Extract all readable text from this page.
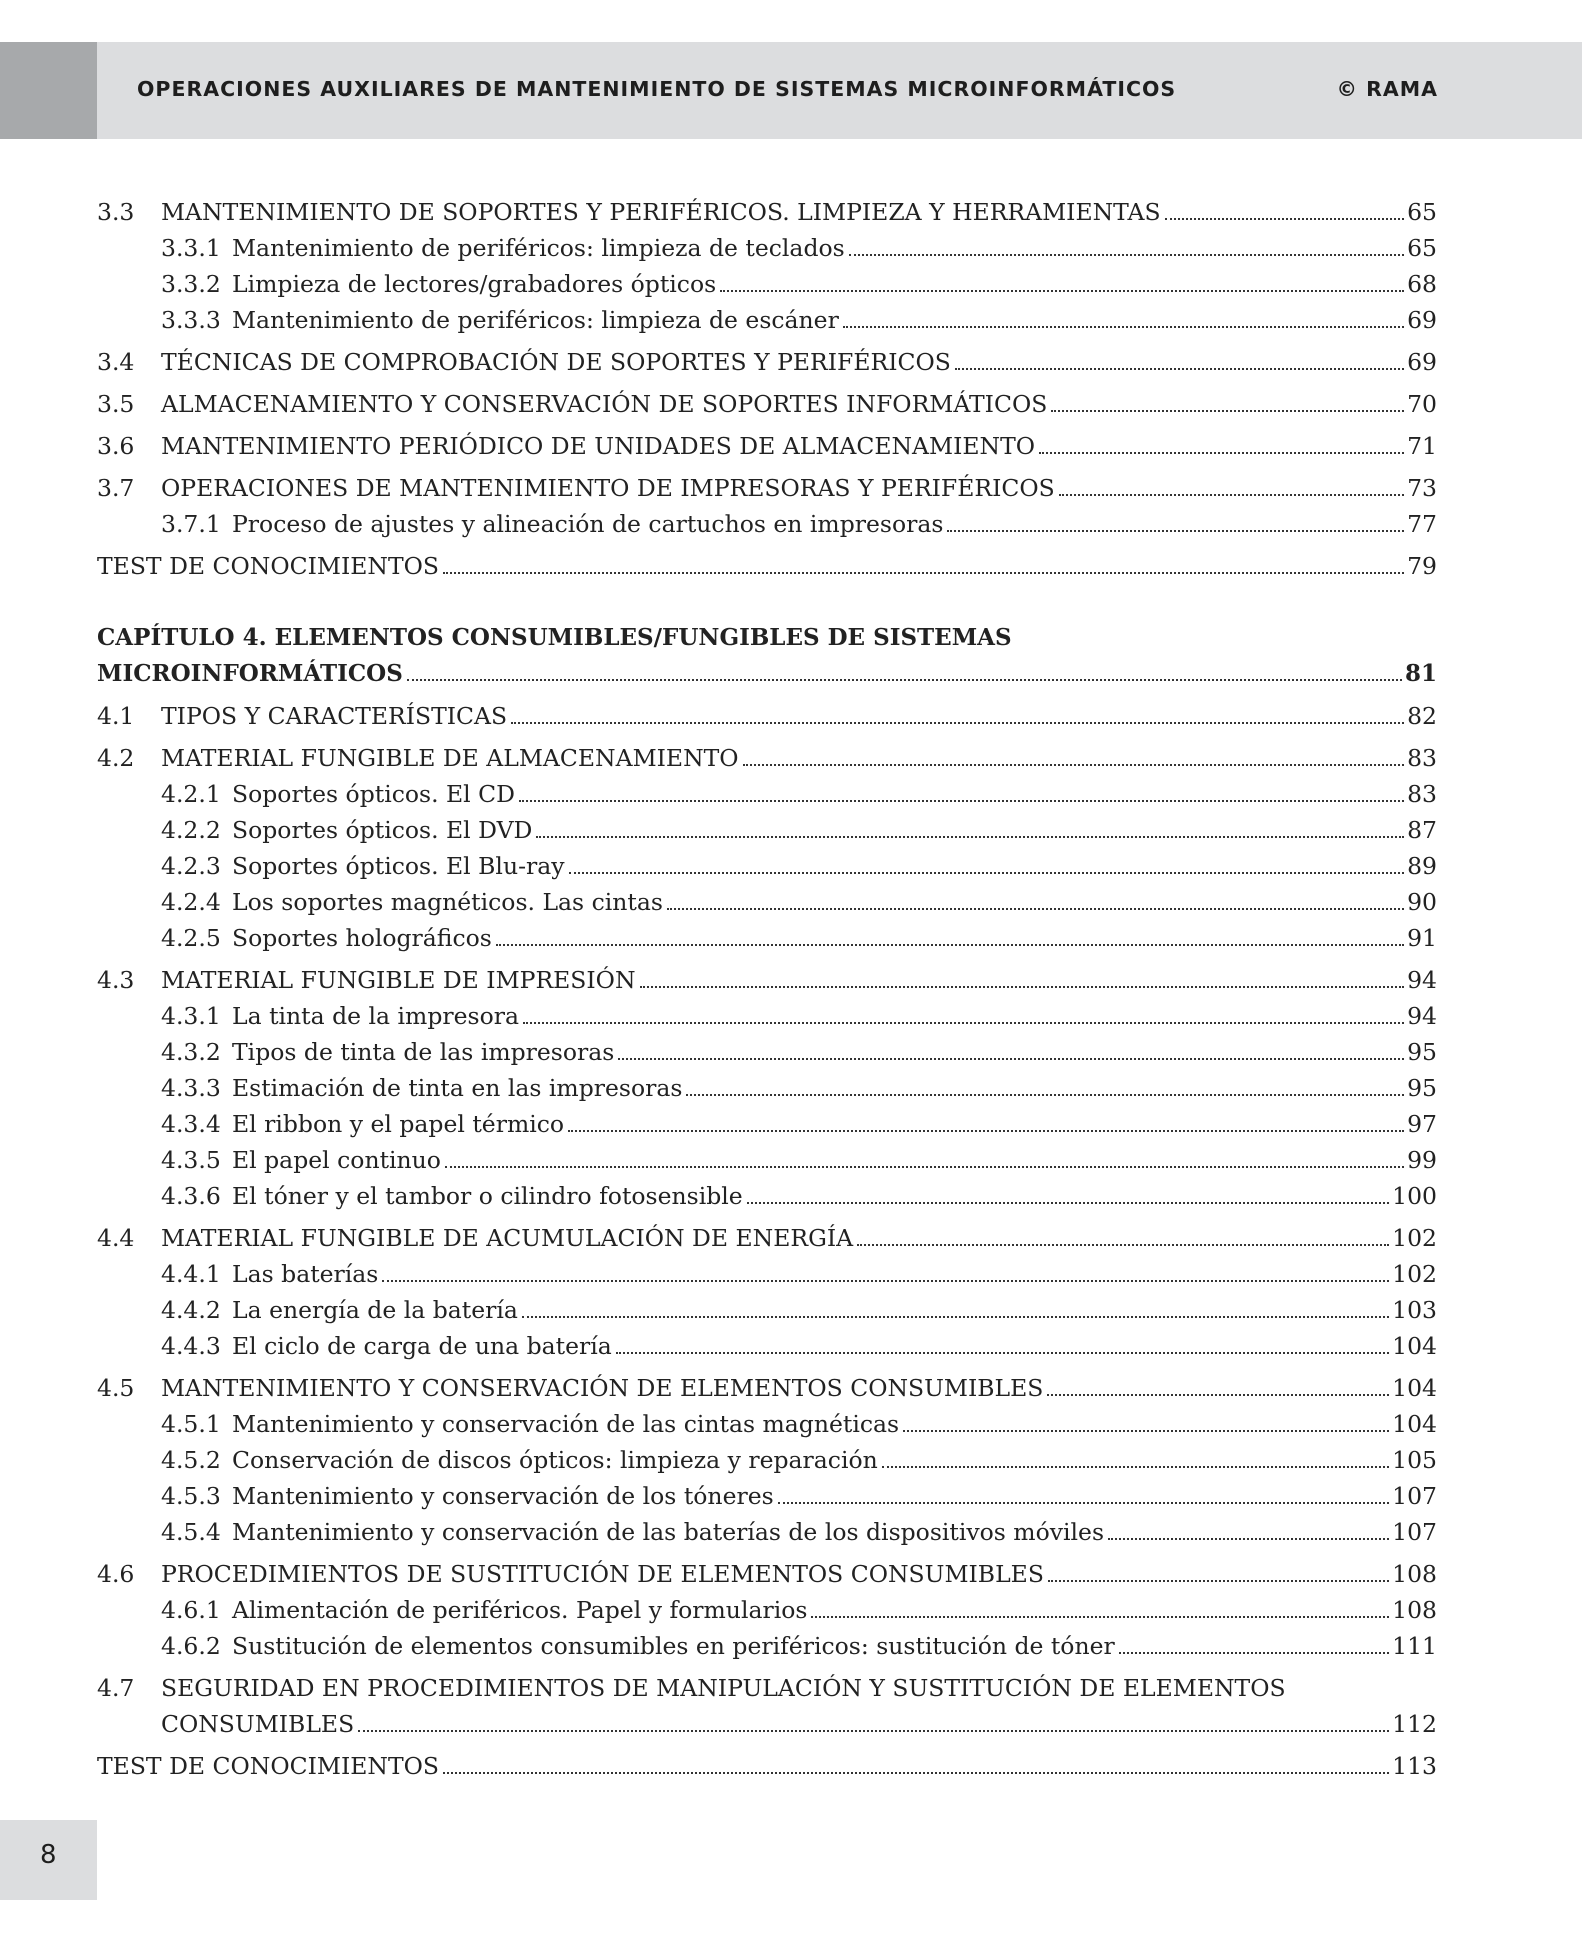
OPERACIONES AUXILIARES DE MANTENIMIENTO DE SISTEMAS MICROINFORMÁTICOS	© RAMA
3.3 MANTENIMIENTO DE SOPORTES Y PERIFÉRICOS. LIMPIEZA Y HERRAMIENTAS	65
3.3.1 Mantenimiento de periféricos: limpieza de teclados	65
3.3.2 Limpieza de lectores/grabadores ópticos	68
3.3.3 Mantenimiento de periféricos: limpieza de escáner	69
3.4 TÉCNICAS DE COMPROBACIÓN DE SOPORTES Y PERIFÉRICOS	69
3.5 ALMACENAMIENTO Y CONSERVACIÓN DE SOPORTES INFORMÁTICOS	70
3.6 MANTENIMIENTO PERIÓDICO DE UNIDADES DE ALMACENAMIENTO	71
3.7 OPERACIONES DE MANTENIMIENTO DE IMPRESORAS Y PERIFÉRICOS	73
3.7.1 Proceso de ajustes y alineación de cartuchos en impresoras	77
TEST DE CONOCIMIENTOS	79
CAPÍTULO 4. ELEMENTOS CONSUMIBLES/FUNGIBLES DE SISTEMAS
MICROINFORMÁTICOS	81
4.1 TIPOS Y CARACTERÍSTICAS	82
4.2 MATERIAL FUNGIBLE DE ALMACENAMIENTO	83
4.2.1 Soportes ópticos. El CD	83
4.2.2 Soportes ópticos. El DVD	87
4.2.3 Soportes ópticos. El Blu-ray	89
4.2.4 Los soportes magnéticos. Las cintas	90
4.2.5 Soportes holográficos	91
4.3 MATERIAL FUNGIBLE DE IMPRESIÓN	94
4.3.1 La tinta de la impresora	94
4.3.2 Tipos de tinta de las impresoras	95
4.3.3 Estimación de tinta en las impresoras	95
4.3.4 El ribbon y el papel térmico	97
4.3.5 El papel continuo	99
4.3.6 El tóner y el tambor o cilindro fotosensible	100
4.4 MATERIAL FUNGIBLE DE ACUMULACIÓN DE ENERGÍA	102
4.4.1 Las baterías	102
4.4.2 La energía de la batería	103
4.4.3 El ciclo de carga de una batería	104
4.5 MANTENIMIENTO Y CONSERVACIÓN DE ELEMENTOS CONSUMIBLES	104
4.5.1 Mantenimiento y conservación de las cintas magnéticas	104
4.5.2 Conservación de discos ópticos: limpieza y reparación	105
4.5.3 Mantenimiento y conservación de los tóneres	107
4.5.4 Mantenimiento y conservación de las baterías de los dispositivos móviles	107
4.6 PROCEDIMIENTOS DE SUSTITUCIÓN DE ELEMENTOS CONSUMIBLES	108
4.6.1 Alimentación de periféricos. Papel y formularios	108
4.6.2 Sustitución de elementos consumibles en periféricos: sustitución de tóner	111
4.7 SEGURIDAD EN PROCEDIMIENTOS DE MANIPULACIÓN Y SUSTITUCIÓN DE ELEMENTOS
CONSUMIBLES	112
TEST DE CONOCIMIENTOS	113
8
